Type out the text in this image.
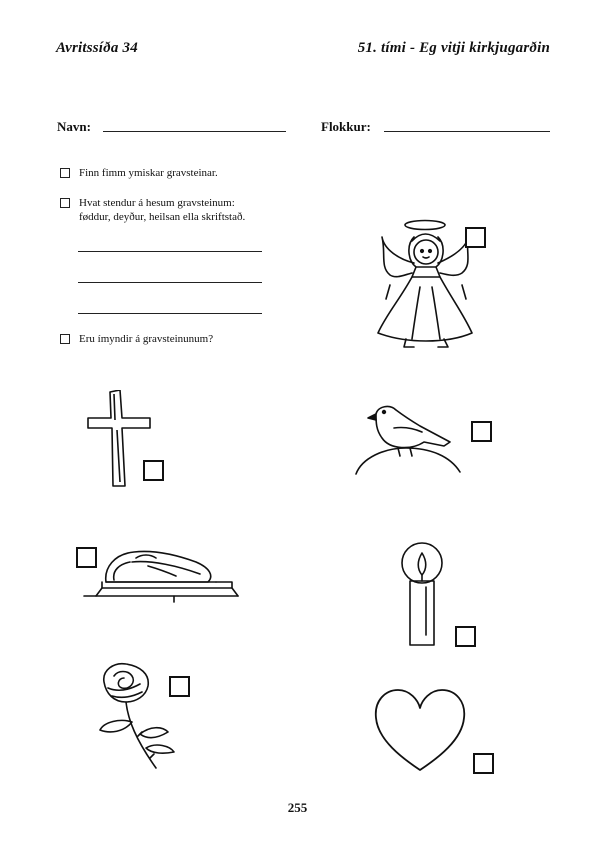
Avritssíða 34	51. tími - Eg vitji kirkjugarðin
Navn:	Flokkur:
Finn fimm ymiskar gravsteinar.
Hvat stendur á hesum gravsteinum:
føddur, deyður, heilsan ella skriftstað.
Eru ímyndir á gravsteinunum?
255
